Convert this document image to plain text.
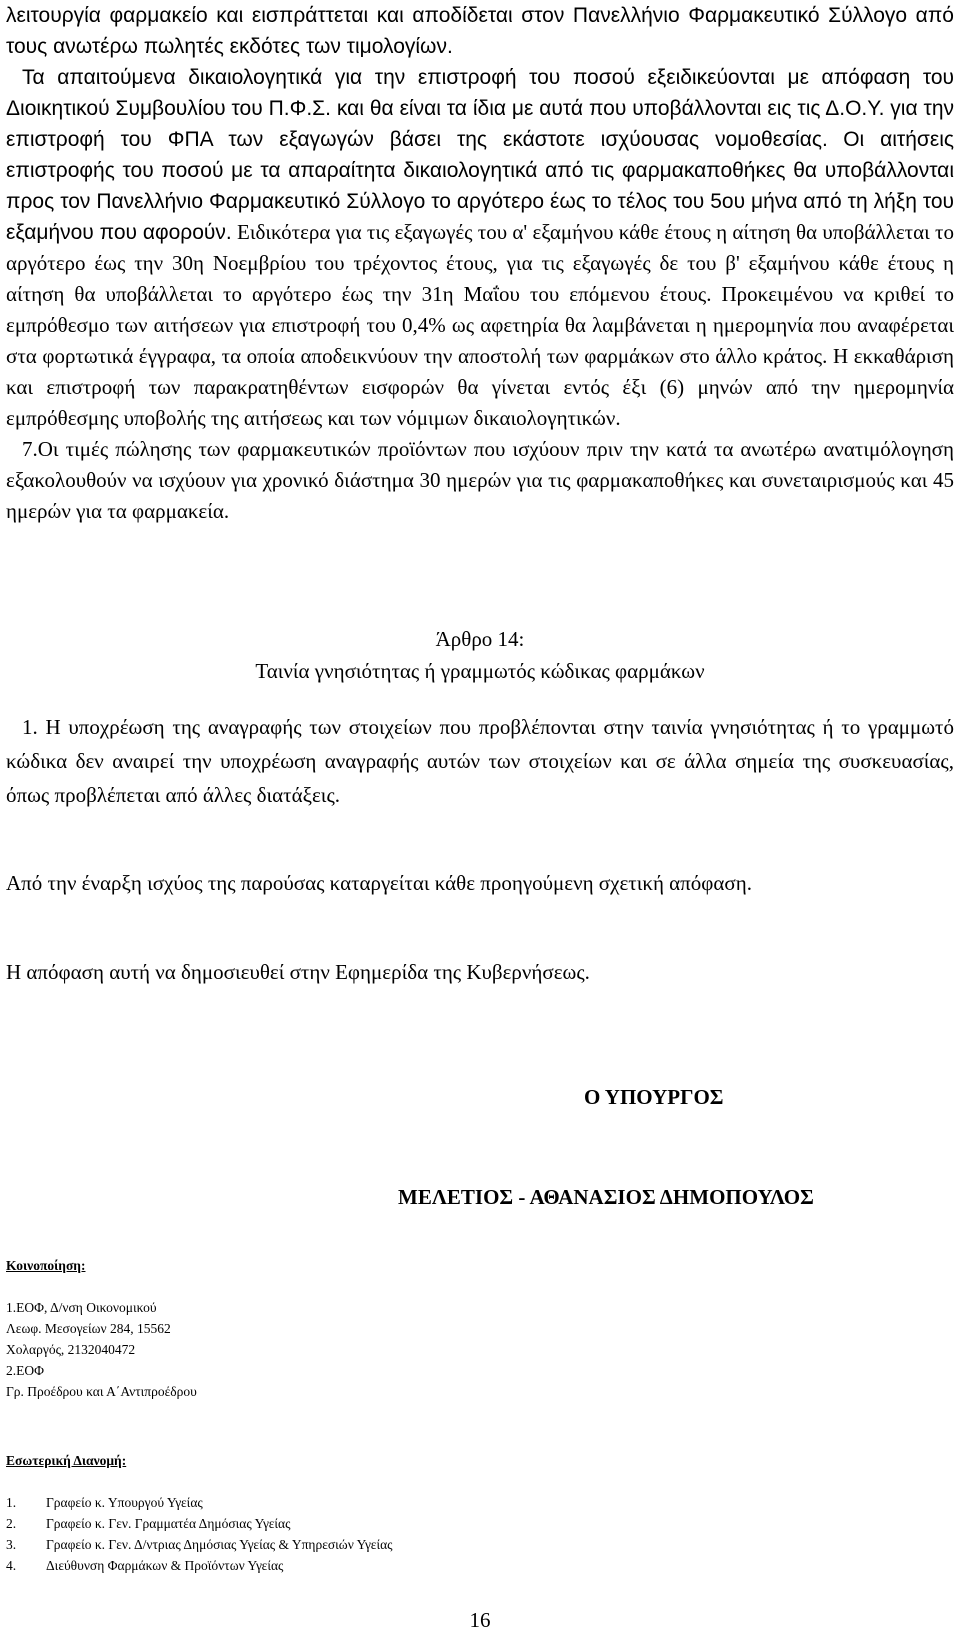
λειτουργία φαρμακείο και εισπράττεται και αποδίδεται στον Πανελλήνιο Φαρμακευτικό Σύλλογο από τους ανωτέρω πωλητές εκδότες των τιμολογίων.

Τα απαιτούμενα δικαιολογητικά για την επιστροφή του ποσού εξειδικεύονται με απόφαση του Διοικητικού Συμβουλίου του Π.Φ.Σ. και θα είναι τα ίδια με αυτά που υποβάλλονται εις τις Δ.Ο.Υ. για την επιστροφή του ΦΠΑ των εξαγωγών βάσει της εκάστοτε ισχύουσας νομοθεσίας. Οι αιτήσεις επιστροφής του ποσού με τα απαραίτητα δικαιολογητικά από τις φαρμακαποθήκες θα υποβάλλονται προς τον Πανελλήνιο Φαρμακευτικό Σύλλογο το αργότερο έως το τέλος του 5ου μήνα από τη λήξη του εξαμήνου που αφορούν. Ειδικότερα για τις εξαγωγές του α' εξαμήνου κάθε έτους η αίτηση θα υποβάλλεται το αργότερο έως την 30η Νοεμβρίου του τρέχοντος έτους, για τις εξαγωγές δε του β' εξαμήνου κάθε έτους η αίτηση θα υποβάλλεται το αργότερο έως την 31η Μαΐου του επόμενου έτους. Προκειμένου να κριθεί το εμπρόθεσμο των αιτήσεων για επιστροφή του 0,4% ως αφετηρία θα λαμβάνεται η ημερομηνία που αναφέρεται στα φορτωτικά έγγραφα, τα οποία αποδεικνύουν την αποστολή των φαρμάκων στο άλλο κράτος. Η εκκαθάριση και επιστροφή των παρακρατηθέντων εισφορών θα γίνεται εντός έξι (6) μηνών από την ημερομηνία εμπρόθεσμης υποβολής της αιτήσεως και των νόμιμων δικαιολογητικών.

7.Οι τιμές πώλησης των φαρμακευτικών προϊόντων που ισχύουν πριν την κατά τα ανωτέρω ανατιμόλογηση εξακολουθούν να ισχύουν για χρονικό διάστημα 30 ημερών για τις φαρμακαποθήκες και συνεταιρισμούς και 45 ημερών για τα φαρμακεία.

Άρθρο 14:

Ταινία γνησιότητας ή γραμμωτός κώδικας φαρμάκων

1. Η υποχρέωση της αναγραφής των στοιχείων που προβλέπονται στην ταινία γνησιότητας ή το γραμμωτό κώδικα δεν αναιρεί την υποχρέωση αναγραφής αυτών των στοιχείων και σε άλλα σημεία της συσκευασίας, όπως προβλέπεται από άλλες διατάξεις.

Από την έναρξη ισχύος της παρούσας καταργείται κάθε προηγούμενη σχετική απόφαση.

Η απόφαση αυτή να δημοσιευθεί στην Εφημερίδα της Κυβερνήσεως.

Ο ΥΠΟΥΡΓΟΣ

ΜΕΛΕΤΙΟΣ - ΑΘΑΝΑΣΙΟΣ ΔΗΜΟΠΟΥΛΟΣ

Κοινοποίηση:
1.ΕΟΦ, Δ/νση Οικονομικού
Λεωφ. Μεσογείων 284, 15562
Χολαργός, 2132040472
2.ΕΟΦ
Γρ. Προέδρου και Α΄Αντιπροέδρου
Εσωτερική Διανομή:
1.	Γραφείο κ. Υπουργού Υγείας
2.	Γραφείο κ. Γεν. Γραμματέα Δημόσιας Υγείας
3.	Γραφείο κ. Γεν. Δ/ντριας Δημόσιας Υγείας & Υπηρεσιών Υγείας
4.	Διεύθυνση Φαρμάκων & Προϊόντων Υγείας

16
